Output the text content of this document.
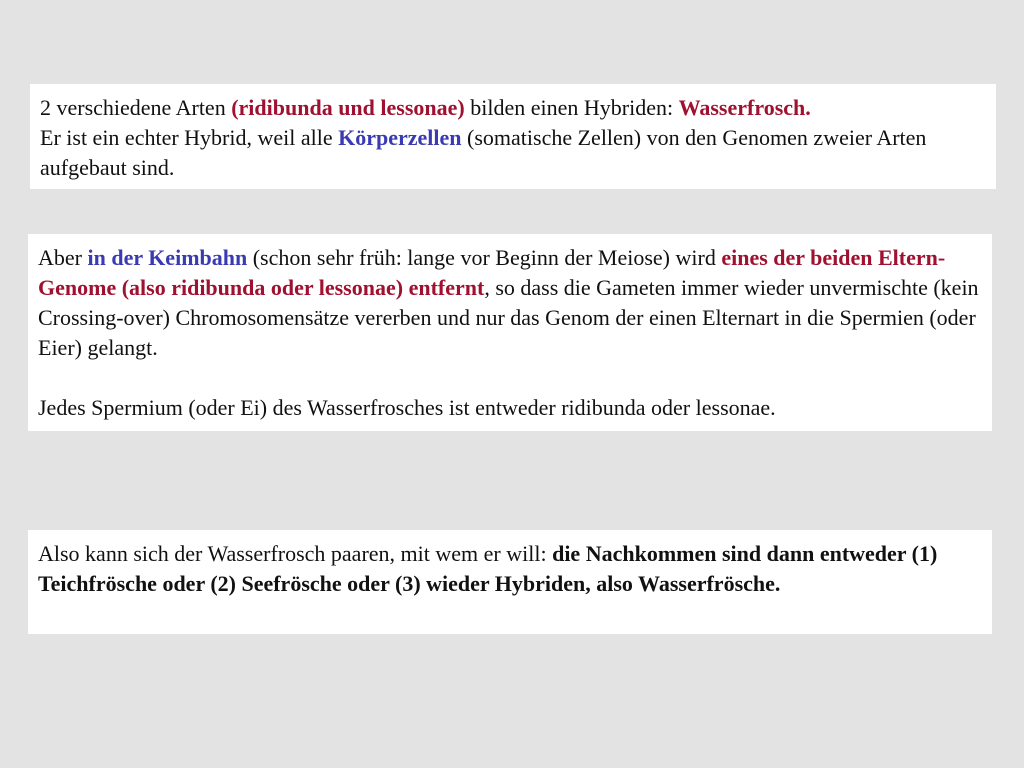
2 verschiedene Arten (ridibunda und lessonae) bilden einen Hybriden: Wasserfrosch.
Er ist ein echter Hybrid, weil alle Körperzellen (somatische Zellen) von den Genomen zweier Arten aufgebaut sind.

Aber in der Keimbahn (schon sehr früh: lange vor Beginn der Meiose) wird eines der beiden Eltern-Genome (also ridibunda oder lessonae) entfernt, so dass die Gameten immer wieder unvermischte (kein Crossing-over) Chromosomensätze vererben und nur das Genom der einen Elternart in die Spermien (oder Eier) gelangt.

Jedes Spermium (oder Ei) des Wasserfrosches ist entweder ridibunda oder lessonae.

Also kann sich der Wasserfrosch paaren, mit wem er will: die Nachkommen sind dann entweder (1) Teichfrösche oder (2) Seefrösche oder (3) wieder Hybriden, also Wasserfrösche.
